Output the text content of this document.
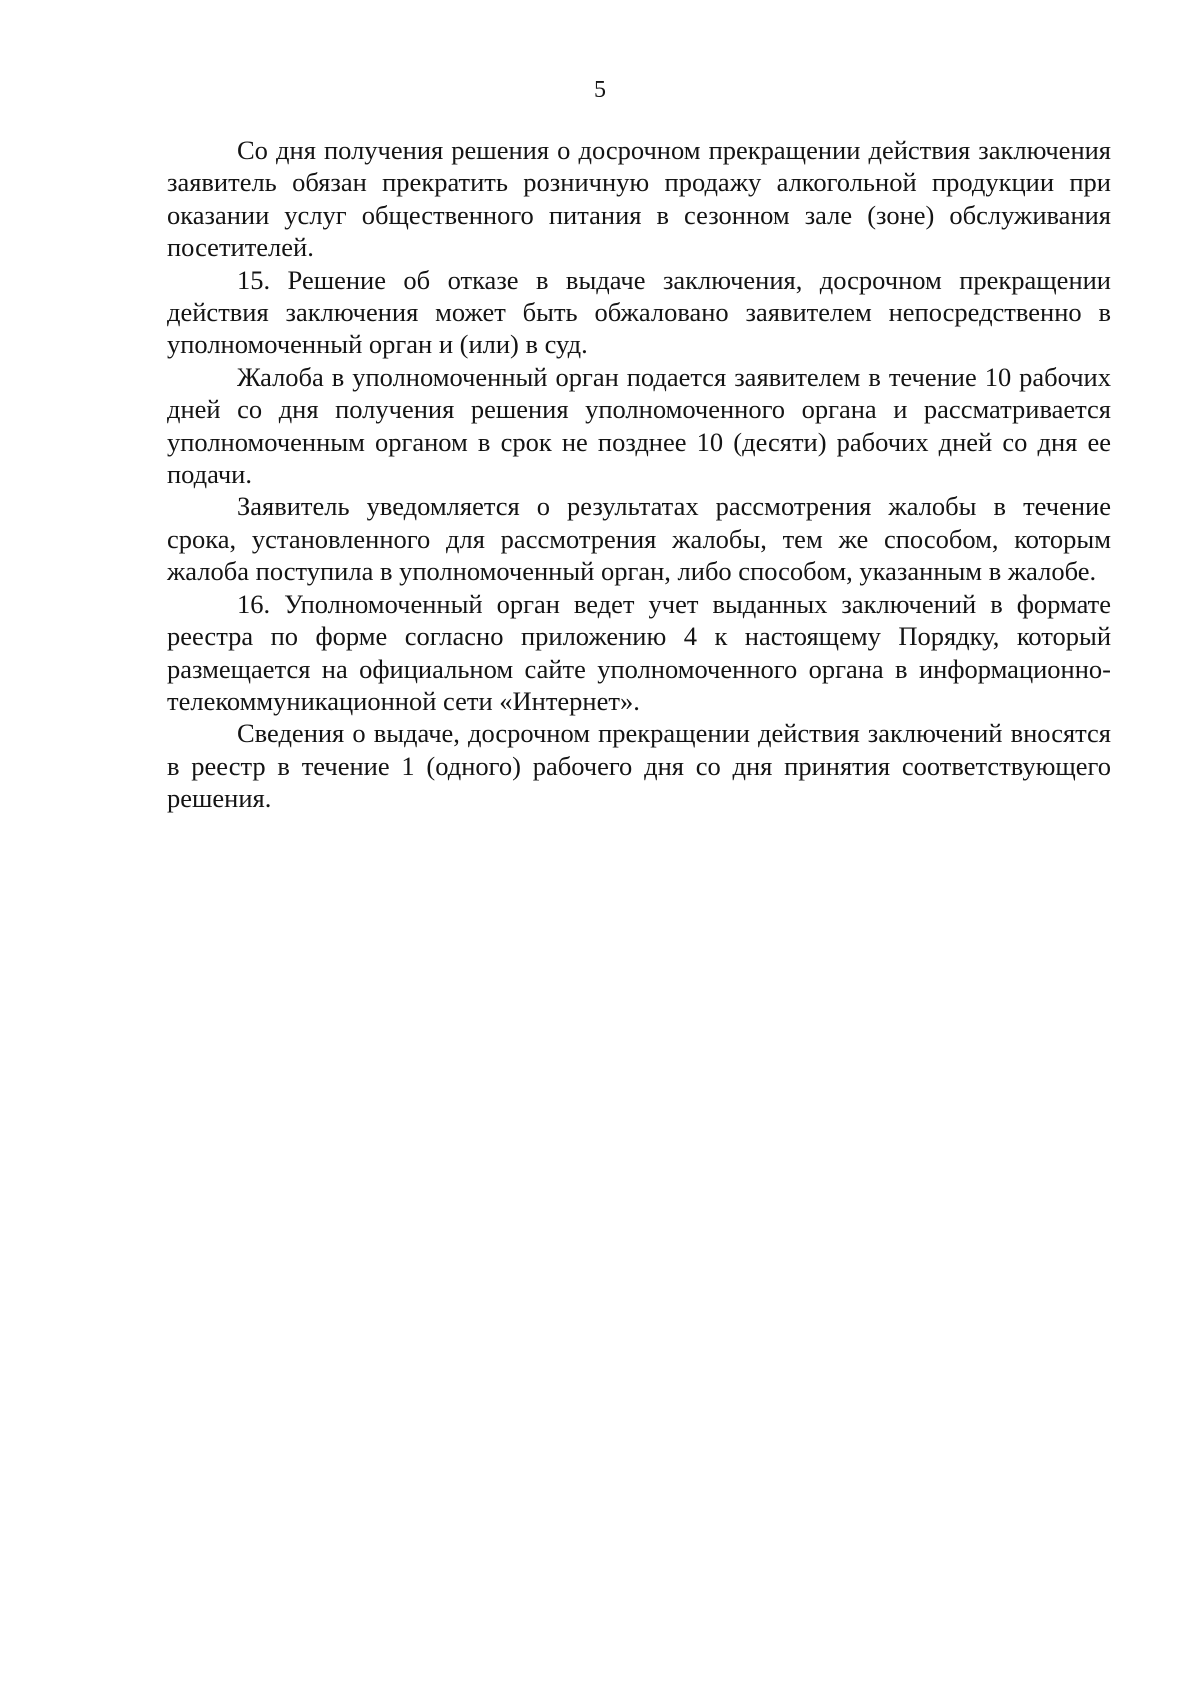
5

Со дня получения решения о досрочном прекращении действия заключения заявитель обязан прекратить розничную продажу алкогольной продукции при оказании услуг общественного питания в сезонном зале (зоне) обслуживания посетителей.

15. Решение об отказе в выдаче заключения, досрочном прекращении действия заключения может быть обжаловано заявителем непосредственно в уполномоченный орган и (или) в суд.

Жалоба в уполномоченный орган подается заявителем в течение 10 рабочих дней со дня получения решения уполномоченного органа и рассматривается уполномоченным органом в срок не позднее 10 (десяти) рабочих дней со дня ее подачи.

Заявитель уведомляется о результатах рассмотрения жалобы в течение срока, установленного для рассмотрения жалобы, тем же способом, которым жалоба поступила в уполномоченный орган, либо способом, указанным в жалобе.

16. Уполномоченный орган ведет учет выданных заключений в формате реестра по форме согласно приложению 4 к настоящему Порядку, который размещается на официальном сайте уполномоченного органа в информационно-телекоммуникационной сети «Интернет».

Сведения о выдаче, досрочном прекращении действия заключений вносятся в реестр в течение 1 (одного) рабочего дня со дня принятия соответствующего решения.
